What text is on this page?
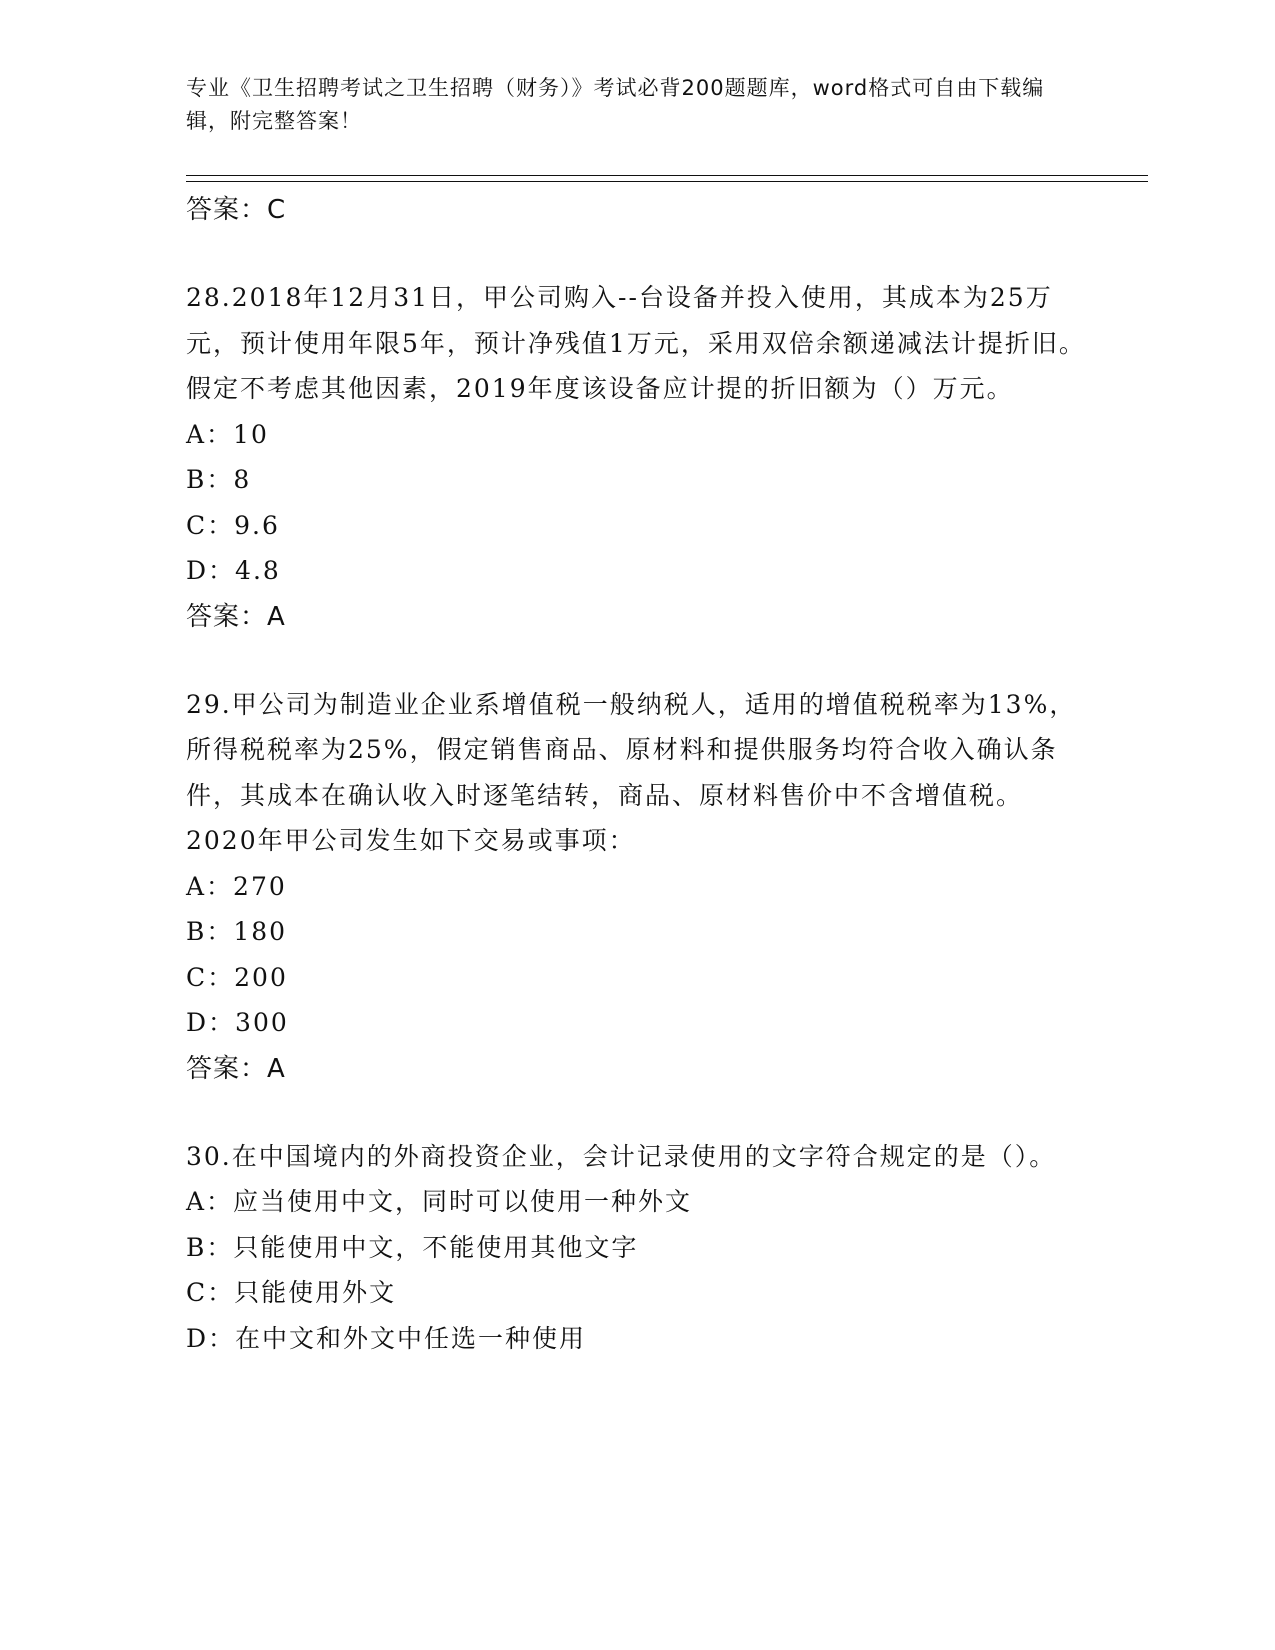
专业《卫生招聘考试之卫生招聘（财务）》考试必背200题题库，word格式可自由下载编辑，附完整答案！
答案：C
28.2018年12月31日，甲公司购入--台设备并投入使用，其成本为25万元，预计使用年限5年，预计净残值1万元，采用双倍余额递减法计提折旧。假定不考虑其他因素，2019年度该设备应计提的折旧额为（）万元。
A：10
B：8
C：9.6
D：4.8
答案：A
29.甲公司为制造业企业系增值税一般纳税人，适用的增值税税率为13%，所得税税率为25%，假定销售商品、原材料和提供服务均符合收入确认条件，其成本在确认收入时逐笔结转，商品、原材料售价中不含增值税。2020年甲公司发生如下交易或事项：
A：270
B：180
C：200
D：300
答案：A
30.在中国境内的外商投资企业，会计记录使用的文字符合规定的是（）。
A：应当使用中文，同时可以使用一种外文
B：只能使用中文，不能使用其他文字
C：只能使用外文
D：在中文和外文中任选一种使用
